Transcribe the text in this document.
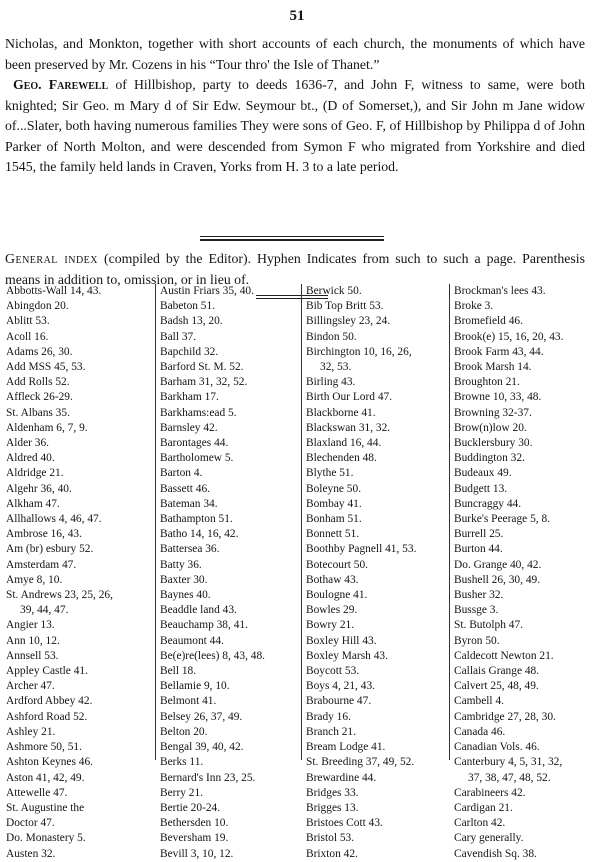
51

Nicholas, and Monkton, together with short accounts of each church, the monuments of which have been preserved by Mr. Cozens in his “Tour thro' the Isle of Thanet.”

Geo. Farewell of Hillbishop, party to deeds 1636-7, and John F, witness to same, were both knighted; Sir Geo. m Mary d of Sir Edw. Seymour bt., (D of Somerset,), and Sir John m Jane widow of...Slater, both having numerous families They were sons of Geo. F, of Hillbishop by Philippa d of John Parker of North Molton, and were descended from Symon F who migrated from Yorkshire and died 1545, the family held lands in Craven, Yorks from H. 3 to a late period.

General index (compiled by the Editor). Hyphen Indicates from such to such a page. Parenthesis means in addition to, omission, or in lieu of.

Abbotts-Wall 14, 43.
Abingdon 20.
Ablitt 53.
Acoll 16.
Adams 26, 30.
Add MSS 45, 53.
Add Rolls 52.
Affleck 26-29.
St. Albans 35.
Aldenham 6, 7, 9.
Alder 36.
Aldred 40.
Aldridge 21.
Algehr 36, 40.
Alkham 47.
Allhallows 4, 46, 47.
Ambrose 16, 43.
Am (br) esbury 52.
Amsterdam 47.
Amye 8, 10.
St. Andrews 23, 25, 26,
39, 44, 47.
Angier 13.
Ann 10, 12.
Annsell 53.
Appley Castle 41.
Archer 47.
Ardford Abbey 42.
Ashford Road 52.
Ashley 21.
Ashmore 50, 51.
Ashton Keynes 46.
Aston 41, 42, 49.
Attewelle 47.
St. Augustine the
Doctor 47.
Do. Monastery 5.
Austen 32.
Austin Friars 35, 40.
Babeton 51.
Badsh 13, 20.
Ball 37.
Bapchild 32.
Barford St. M. 52.
Barham 31, 32, 52.
Barkham 17.
Barkhams:ead 5.
Barnsley 42.
Barontages 44.
Bartholomew 5.
Barton 4.
Bassett 46.
Bateman 34.
Bathampton 51.
Batho 14, 16, 42.
Battersea 36.
Batty 36.
Baxter 30.
Baynes 40.
Beaddle land 43.
Beauchamp 38, 41.
Beaumont 44.
Be(e)re(lees) 8, 43, 48.
Bell 18.
Bellamie 9, 10.
Belmont 41.
Belsey 26, 37, 49.
Belton 20.
Bengal 39, 40, 42.
Berks 11.
Bernard's Inn 23, 25.
Berry 21.
Bertie 20-24.
Bethersden 10.
Beversham 19.
Bevill 3, 10, 12.
Berwick 50.
Bib Top Britt 53.
Billingsley 23, 24.
Bindon 50.
Birchington 10, 16, 26,
32, 53.
Birling 43.
Birth Our Lord 47.
Blackborne 41.
Blackswan 31, 32.
Blaxland 16, 44.
Blechenden 48.
Blythe 51.
Boleyne 50.
Bombay 41.
Bonham 51.
Bonnett 51.
Boothby Pagnell 41, 53.
Botecourt 50.
Bothaw 43.
Boulogne 41.
Bowles 29.
Bowry 21.
Boxley Hill 43.
Boxley Marsh 43.
Boycott 53.
Boys 4, 21, 43.
Brabourne 47.
Brady 16.
Branch 21.
Bream Lodge 41.
St. Breeding 37, 49, 52.
Brewardine 44.
Bridges 33.
Brigges 13.
Bristoes Cott 43.
Bristol 53.
Brixton 42.
Brockman's lees 43.
Broke 3.
Bromefield 46.
Brook(e) 15, 16, 20, 43.
Brook Farm 43, 44.
Brook Marsh 14.
Broughton 21.
Browne 10, 33, 48.
Browning 32-37.
Brow(n)low 20.
Bucklersbury 30.
Buddington 32.
Budeaux 49.
Budgett 13.
Buncraggy 44.
Burke's Peerage 5, 8.
Burrell 25.
Burton 44.
Do. Grange 40, 42.
Bushell 26, 30, 49.
Busher 32.
Bussge 3.
St. Butolph 47.
Byron 50.
Caldecott Newton 21.
Callais Grange 48.
Calvert 25, 48, 49.
Cambell 4.
Cambridge 27, 28, 30.
Canada 46.
Canadian Vols. 46.
Canterbury 4, 5, 31, 32,
37, 38, 47, 48, 52.
Carabineers 42.
Cardigan 21.
Carlton 42.
Cary generally.
Cavendish Sq. 38.
